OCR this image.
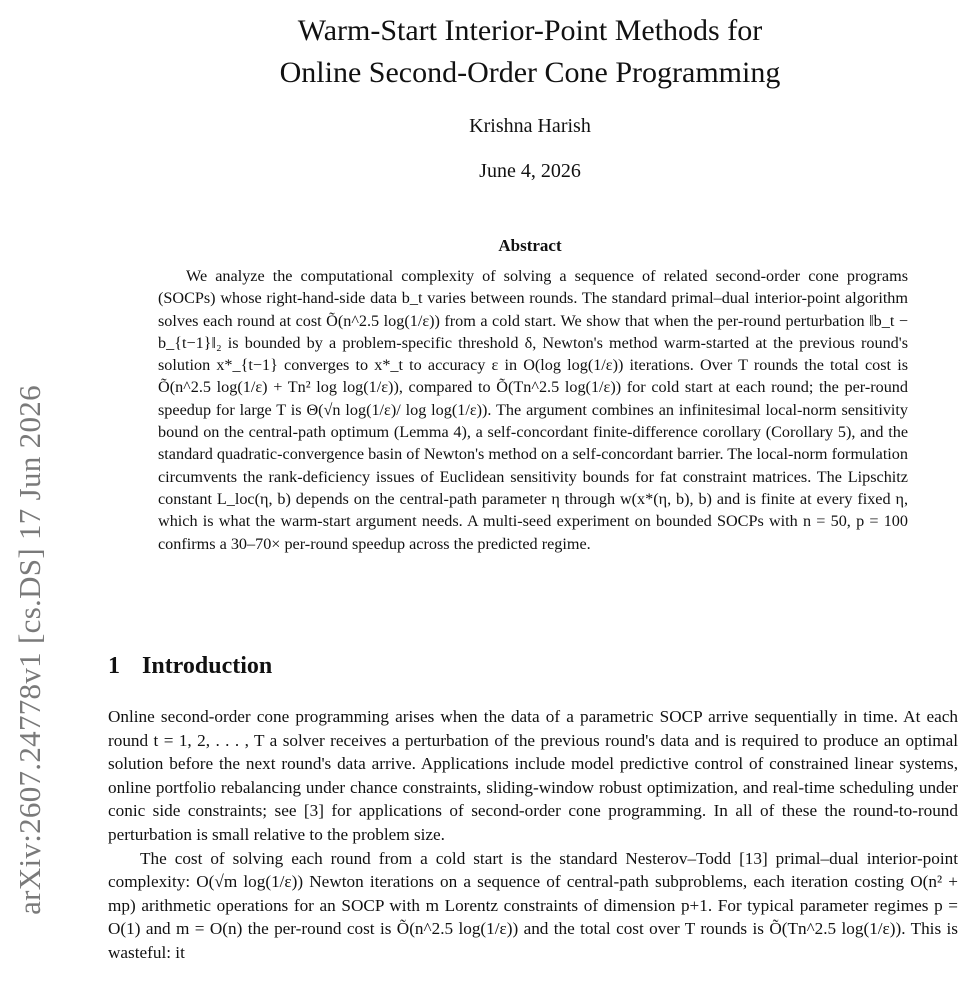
arXiv:2607.24778v1 [cs.DS] 17 Jun 2026
Warm-Start Interior-Point Methods for
Online Second-Order Cone Programming
Krishna Harish
June 4, 2026
Abstract

We analyze the computational complexity of solving a sequence of related second-order cone programs (SOCPs) whose right-hand-side data b_t varies between rounds. The standard primal–dual interior-point algorithm solves each round at cost Õ(n^2.5 log(1/ε)) from a cold start. We show that when the per-round perturbation ‖b_t − b_{t−1}‖₂ is bounded by a problem-specific threshold δ, Newton's method warm-started at the previous round's solution x*_{t−1} converges to x*_t to accuracy ε in O(log log(1/ε)) iterations. Over T rounds the total cost is Õ(n^2.5 log(1/ε) + Tn² log log(1/ε)), compared to Õ(Tn^2.5 log(1/ε)) for cold start at each round; the per-round speedup for large T is Θ(√n log(1/ε)/ log log(1/ε)). The argument combines an infinitesimal local-norm sensitivity bound on the central-path optimum (Lemma 4), a self-concordant finite-difference corollary (Corollary 5), and the standard quadratic-convergence basin of Newton's method on a self-concordant barrier. The local-norm formulation circumvents the rank-deficiency issues of Euclidean sensitivity bounds for fat constraint matrices. The Lipschitz constant L_loc(η, b) depends on the central-path parameter η through w(x*(η, b), b) and is finite at every fixed η, which is what the warm-start argument needs. A multi-seed experiment on bounded SOCPs with n = 50, p = 100 confirms a 30–70× per-round speedup across the predicted regime.

1 Introduction

Online second-order cone programming arises when the data of a parametric SOCP arrive sequentially in time. At each round t = 1, 2, . . . , T a solver receives a perturbation of the previous round's data and is required to produce an optimal solution before the next round's data arrive. Applications include model predictive control of constrained linear systems, online portfolio rebalancing under chance constraints, sliding-window robust optimization, and real-time scheduling under conic side constraints; see [3] for applications of second-order cone programming. In all of these the round-to-round perturbation is small relative to the problem size.

The cost of solving each round from a cold start is the standard Nesterov–Todd [13] primal–dual interior-point complexity: O(√m log(1/ε)) Newton iterations on a sequence of central-path subproblems, each iteration costing O(n² + mp) arithmetic operations for an SOCP with m Lorentz constraints of dimension p+1. For typical parameter regimes p = O(1) and m = O(n) the per-round cost is Õ(n^2.5 log(1/ε)) and the total cost over T rounds is Õ(Tn^2.5 log(1/ε)). This is wasteful: it
